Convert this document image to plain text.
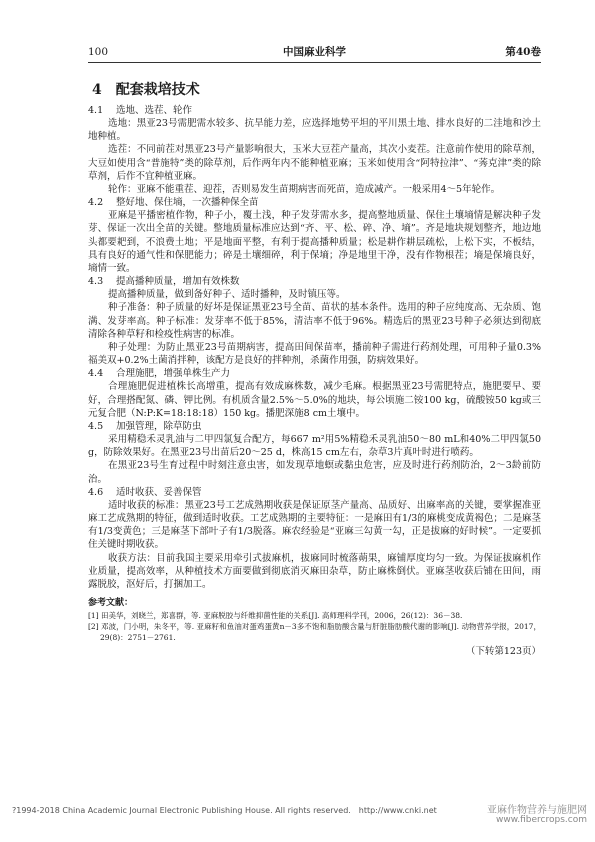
100	中国麻业科学	第40卷
4　配套栽培技术
4.1 选地、选茬、轮作

选地：黑亚23号需肥需水较多、抗旱能力差，应选择地势平坦的平川黑土地、排水良好的二洼地和沙土地种植。

选茬：不同前茬对黑亚23号产量影响很大，玉米大豆茬产量高，其次小麦茬。注意前作使用的除草剂，大豆如使用含“普施特”类的除草剂，后作两年内不能种植亚麻；玉米如使用含“阿特拉津”、“莠克津”类的除草剂，后作不宜种植亚麻。

轮作：亚麻不能重茬、迎茬，否则易发生苗期病害而死苗，造成减产。一般采用4～5年轮作。

4.2 整好地、保住墒，一次播种保全苗

亚麻是平播密植作物，种子小，覆土浅，种子发芽需水多，提高整地质量、保住土壤墒情是解决种子发芽、保证一次出全苗的关键。整地质量标准应达到“齐、平、松、碎、净、墒”。齐是地块规划整齐，地边地头都要耙到，不浪费土地；平是地面平整，有利于提高播种质量；松是耕作耕层疏松，上松下实，不板结，具有良好的通气性和保肥能力；碎是土壤细碎，利于保墒；净是地里干净，没有作物根茬；墒是保墒良好，墒情一致。

4.3 提高播种质量，增加有效株数

提高播种质量，做到备好种子、适时播种，及时镇压等。

种子准备：种子质量的好坏是保证黑亚23号全苗、苗状的基本条件。选用的种子应纯度高、无杂质、饱满、发芽率高。种子标准：发芽率不低于85%，清洁率不低于96%。精选后的黑亚23号种子必须达到彻底清除各种草籽和检疫性病害的标准。

种子处理：为防止黑亚23号苗期病害，提高田间保苗率，播前种子需进行药剂处理，可用种子量0.3%福美双+0.2%土菌消拌种，该配方是良好的拌种剂，杀菌作用强，防病效果好。

4.4 合理施肥，增强单株生产力

合理施肥促进植株长高增重，提高有效成麻株数，减少毛麻。根据黑亚23号需肥特点，施肥要早、要好，合理搭配氮、磷、钾比例。有机质含量2.5%～5.0%的地块，每公顷施二铵100 kg，硫酸铵50 kg或三元复合肥（N:P:K=18:18:18）150 kg。播肥深施8 cm土壤中。

4.5 加强管理，除草防虫

采用精稳禾灵乳油与二甲四氯复合配方，每667 m²用5%精稳禾灵乳油50～80 mL和40%二甲四氯50 g，防除效果好。在黑亚23号出苗后20～25 d，株高15 cm左右，杂草3片真叶时进行喷药。

在黑亚23号生育过程中时刻注意虫害，如发现草地螟或黏虫危害，应及时进行药剂防治，2～3龄前防治。

4.6 适时收获、妥善保管

适时收获的标准：黑亚23号工艺成熟期收获是保证原茎产量高、品质好、出麻率高的关键，要掌握准亚麻工艺成熟期的特征，做到适时收获。工艺成熟期的主要特征：一是麻田有1/3的麻桃变成黄褐色；二是麻茎有1/3变黄色；三是麻茎下部叶子有1/3脱落。麻农经验是“亚麻三勾黄一勾，正是拔麻的好时候”。一定要抓住关键时期收获。

收获方法：目前我国主要采用牵引式拔麻机，拔麻同时梳落蒴果，麻铺厚度均匀一致。为保证拔麻机作业质量，提高效率，从种植技术方面要做到彻底消灭麻田杂草，防止麻株倒伏。亚麻茎收获后铺在田间，雨露脱胶，沤好后，打捆加工。

参考文献：
[1] 田美华，刘晓兰，郑喜群，等. 亚麻脱胶与纤维抑菌性能的关系[J]. 高师理科学刊，2006，26(12)：36－38.
[2] 邓波，门小明，朱冬平，等. 亚麻籽和鱼油对蛋鸡蛋黄n－3多不饱和脂肪酸含量与肝脏脂肪酸代谢的影响[J]. 动物营养学报，2017，29(8)：2751－2761.
（下转第123页）
?1994-2018 China Academic Journal Electronic Publishing House. All rights reserved.　http://www.cnki.net	亚麻作物营养与施肥网
www.fibercrops.com
